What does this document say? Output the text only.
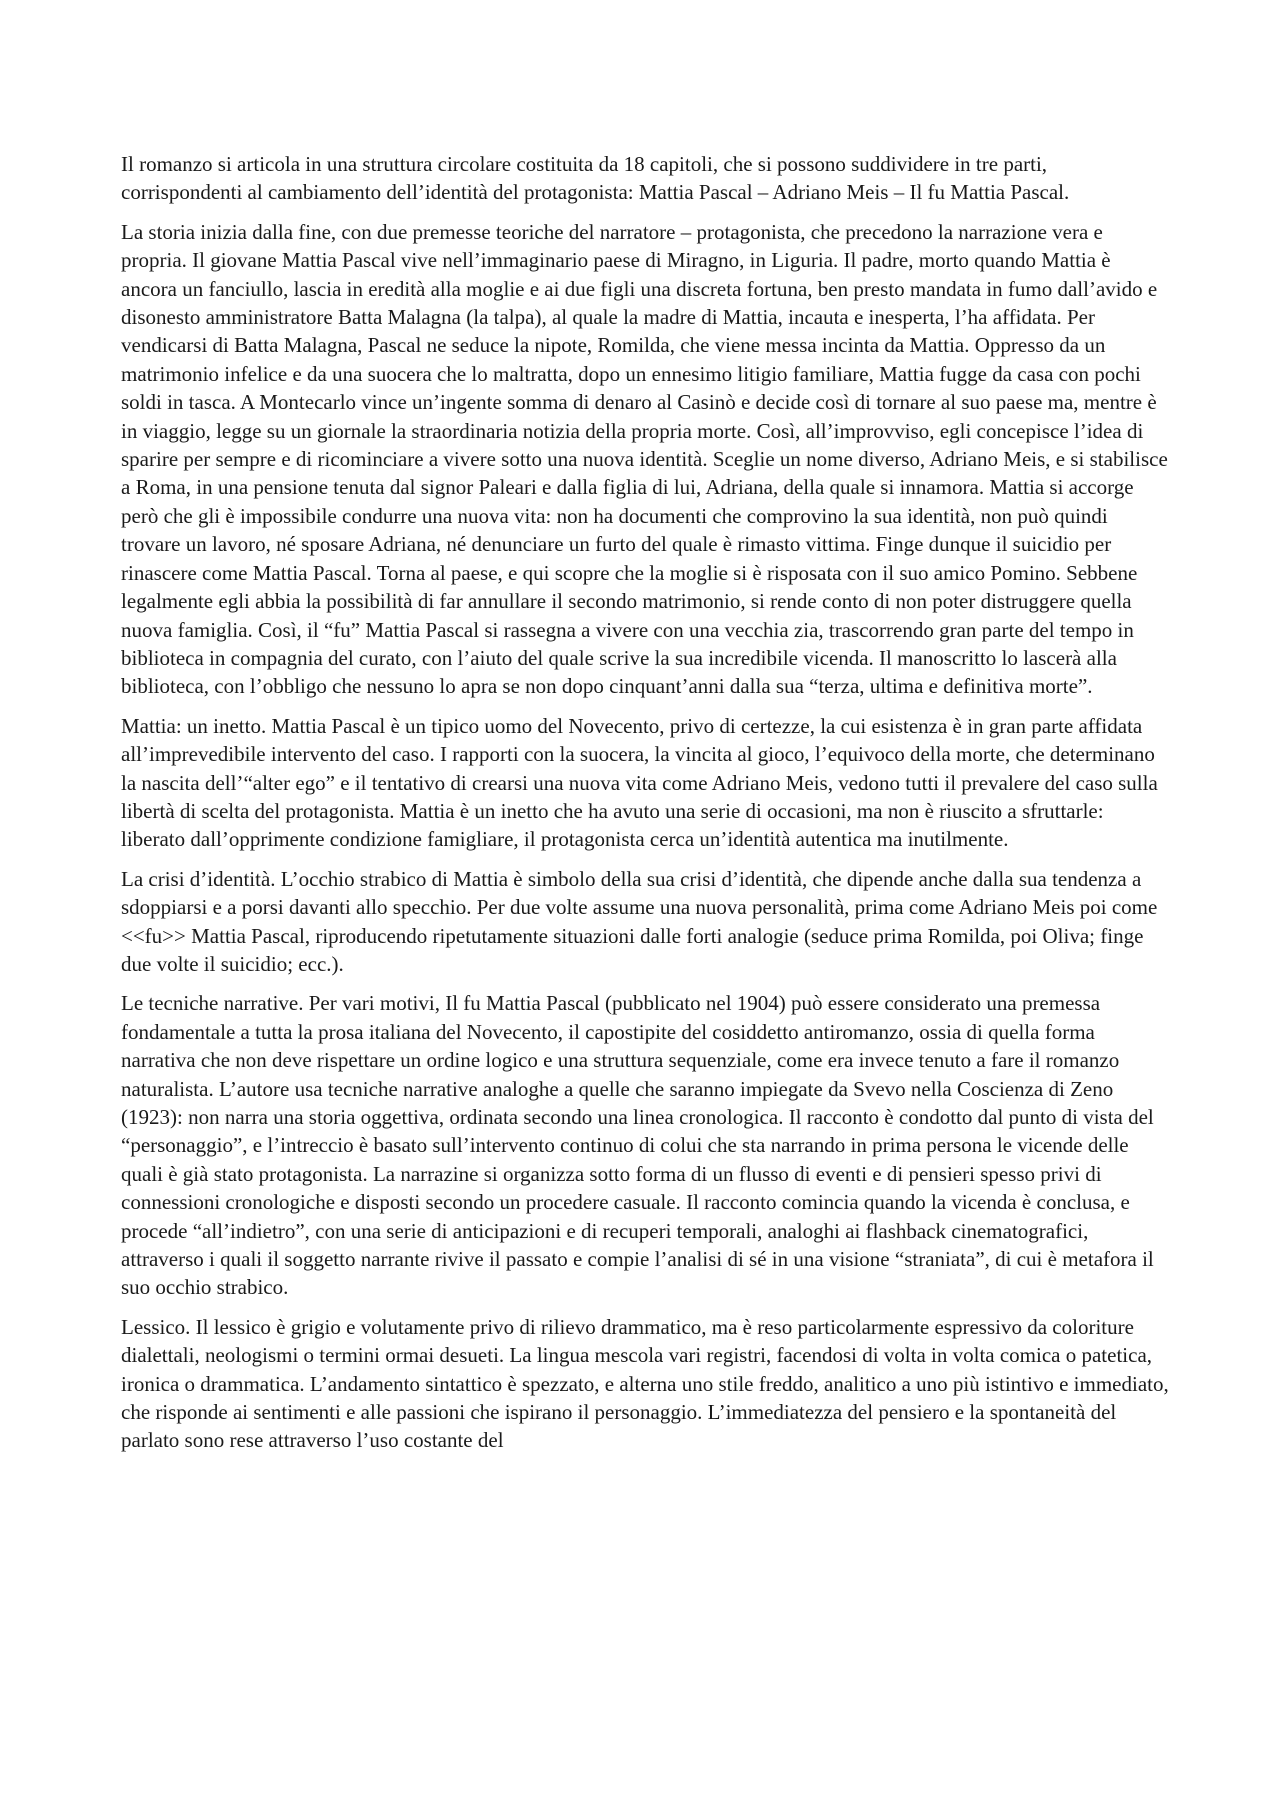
Il romanzo si articola in una struttura circolare costituita da 18 capitoli, che si possono suddividere in tre parti, corrispondenti al cambiamento dell’identità del protagonista: Mattia Pascal – Adriano Meis – Il fu Mattia Pascal.

La storia inizia dalla fine, con due premesse teoriche del narratore – protagonista, che precedono la narrazione vera e propria. Il giovane Mattia Pascal vive nell’immaginario paese di Miragno, in Liguria. Il padre, morto quando Mattia è ancora un fanciullo, lascia in eredità alla moglie e ai due figli una discreta fortuna, ben presto mandata in fumo dall’avido e disonesto amministratore Batta Malagna (la talpa), al quale la madre di Mattia, incauta e inesperta, l’ha affidata. Per vendicarsi di Batta Malagna, Pascal ne seduce la nipote, Romilda, che viene messa incinta da Mattia. Oppresso da un matrimonio infelice e da una suocera che lo maltratta, dopo un ennesimo litigio familiare, Mattia fugge da casa con pochi soldi in tasca. A Montecarlo vince un’ingente somma di denaro al Casinò e decide così di tornare al suo paese ma, mentre è in viaggio, legge su un giornale la straordinaria notizia della propria morte. Così, all’improvviso, egli concepisce l’idea di sparire per sempre e di ricominciare a vivere sotto una nuova identità. Sceglie un nome diverso, Adriano Meis, e si stabilisce a Roma, in una pensione tenuta dal signor Paleari e dalla figlia di lui, Adriana, della quale si innamora. Mattia si accorge però che gli è impossibile condurre una nuova vita: non ha documenti che comprovino la sua identità, non può quindi trovare un lavoro, né sposare Adriana, né denunciare un furto del quale è rimasto vittima. Finge dunque il suicidio per rinascere come Mattia Pascal. Torna al paese, e qui scopre che la moglie si è risposata con il suo amico Pomino. Sebbene legalmente egli abbia la possibilità di far annullare il secondo matrimonio, si rende conto di non poter distruggere quella nuova famiglia. Così, il “fu” Mattia Pascal si rassegna a vivere con una vecchia zia, trascorrendo gran parte del tempo in biblioteca in compagnia del curato, con l’aiuto del quale scrive la sua incredibile vicenda. Il manoscritto lo lascerà alla biblioteca, con l’obbligo che nessuno lo apra se non dopo cinquant’anni dalla sua “terza, ultima e definitiva morte”.

Mattia: un inetto. Mattia Pascal è un tipico uomo del Novecento, privo di certezze, la cui esistenza è in gran parte affidata all’imprevedibile intervento del caso. I rapporti con la suocera, la vincita al gioco, l’equivoco della morte, che determinano la nascita dell’“alter ego” e il tentativo di crearsi una nuova vita come Adriano Meis, vedono tutti il prevalere del caso sulla libertà di scelta del protagonista. Mattia è un inetto che ha avuto una serie di occasioni, ma non è riuscito a sfruttarle: liberato dall’opprimente condizione famigliare, il protagonista cerca un’identità autentica ma inutilmente.

La crisi d’identità. L’occhio strabico di Mattia è simbolo della sua crisi d’identità, che dipende anche dalla sua tendenza a sdoppiarsi e a porsi davanti allo specchio. Per due volte assume una nuova personalità, prima come Adriano Meis poi come <<fu>> Mattia Pascal, riproducendo ripetutamente situazioni dalle forti analogie (seduce prima Romilda, poi Oliva; finge due volte il suicidio; ecc.).

Le tecniche narrative. Per vari motivi, Il fu Mattia Pascal (pubblicato nel 1904) può essere considerato una premessa fondamentale a tutta la prosa italiana del Novecento, il capostipite del cosiddetto antiromanzo, ossia di quella forma narrativa che non deve rispettare un ordine logico e una struttura sequenziale, come era invece tenuto a fare il romanzo naturalista. L’autore usa tecniche narrative analoghe a quelle che saranno impiegate da Svevo nella Coscienza di Zeno (1923): non narra una storia oggettiva, ordinata secondo una linea cronologica. Il racconto è condotto dal punto di vista del “personaggio”, e l’intreccio è basato sull’intervento continuo di colui che sta narrando in prima persona le vicende delle quali è già stato protagonista. La narrazine si organizza sotto forma di un flusso di eventi e di pensieri spesso privi di connessioni cronologiche e disposti secondo un procedere casuale. Il racconto comincia quando la vicenda è conclusa, e procede “all’indietro”, con una serie di anticipazioni e di recuperi temporali, analoghi ai flashback cinematografici, attraverso i quali il soggetto narrante rivive il passato e compie l’analisi di sé in una visione “straniata”, di cui è metafora il suo occhio strabico.

Lessico. Il lessico è grigio e volutamente privo di rilievo drammatico, ma è reso particolarmente espressivo da coloriture dialettali, neologismi o termini ormai desueti. La lingua mescola vari registri, facendosi di volta in volta comica o patetica, ironica o drammatica. L’andamento sintattico è spezzato, e alterna uno stile freddo, analitico a uno più istintivo e immediato, che risponde ai sentimenti e alle passioni che ispirano il personaggio. L’immediatezza del pensiero e la spontaneità del parlato sono rese attraverso l’uso costante del
